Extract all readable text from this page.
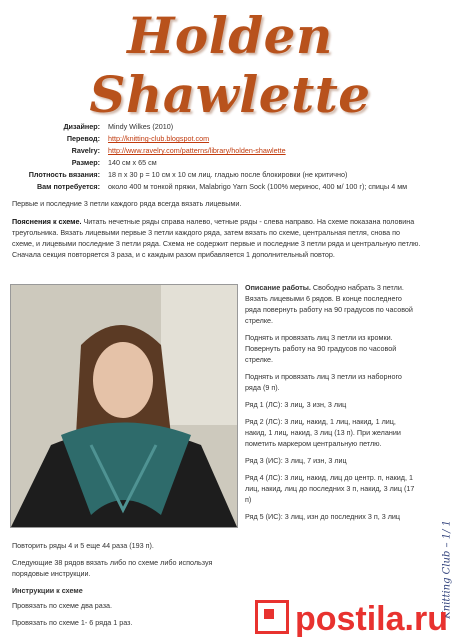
Holden Shawlette
Дизайнер:	Mindy Wilkes (2010)
Перевод:	http://knitting-club.blogspot.com
Ravelry:	http://www.ravelry.com/patterns/library/holden-shawlette
Размер:	140 см х 65 см
Плотность вязания:	18 п х 30 р = 10 см х 10 см лиц. гладью после блокировки (не критично)
Вам потребуется:	около 400 м тонкой пряжи, Malabrigo Yarn Sock (100% меринос, 400 м/ 100 г); спицы 4 мм
Первые и последние 3 петли каждого ряда всегда вязать лицевыми.
Пояснения к схеме. Читать нечетные ряды справа налево, четные ряды - слева направо. На схеме показана половина треугольника. Вязать лицевыми первые 3 петли каждого ряда, затем вязать по схеме, центральная петля, снова по схеме, и лицевыми последние 3 петли ряда. Схема не содержит первые и последние 3 петли ряда и центральную петлю. Сначала секция повторяется 3 раза, и с каждым разом прибавляется 1 дополнительный повтор.

Описание работы. Свободно набрать 3 петли. Вязать лицевыми 6 рядов. В конце последнего ряда повернуть работу на 90 градусов по часовой стрелке.

Поднять и провязать лиц 3 петли из кромки. Повернуть работу на 90 градусов по часовой стрелке.

Поднять и провязать лиц 3 петли из наборного ряда (9 п).

Ряд 1 (ЛС): 3 лиц, 3 изн, 3 лиц

Ряд 2 (ЛС): 3 лиц, накид, 1 лиц, накид, 1 лиц, накид, 1 лиц, накид, 3 лиц (13 п). При желании пометить маркером центральную петлю.

Ряд 3 (ИС): 3 лиц, 7 изн, 3 лиц

Ряд 4 (ЛС): 3 лиц, накид, лиц до центр. п, накид, 1 лиц, накид, лиц до последних 3 п, накид, 3 лиц (17 п)

Ряд 5 (ИС): 3 лиц, изн до последних 3 п, 3 лиц

Повторить ряды 4 и 5 еще 44 раза (193 п).

Следующие 38 рядов вязать либо по схеме либо используя порядовые инструкции.

Инструкции к схеме

Провязать по схеме два раза.

Провязать по схеме 1- 6 ряда 1 раз.

Knitting Club – 1/ 1
postila.ru
